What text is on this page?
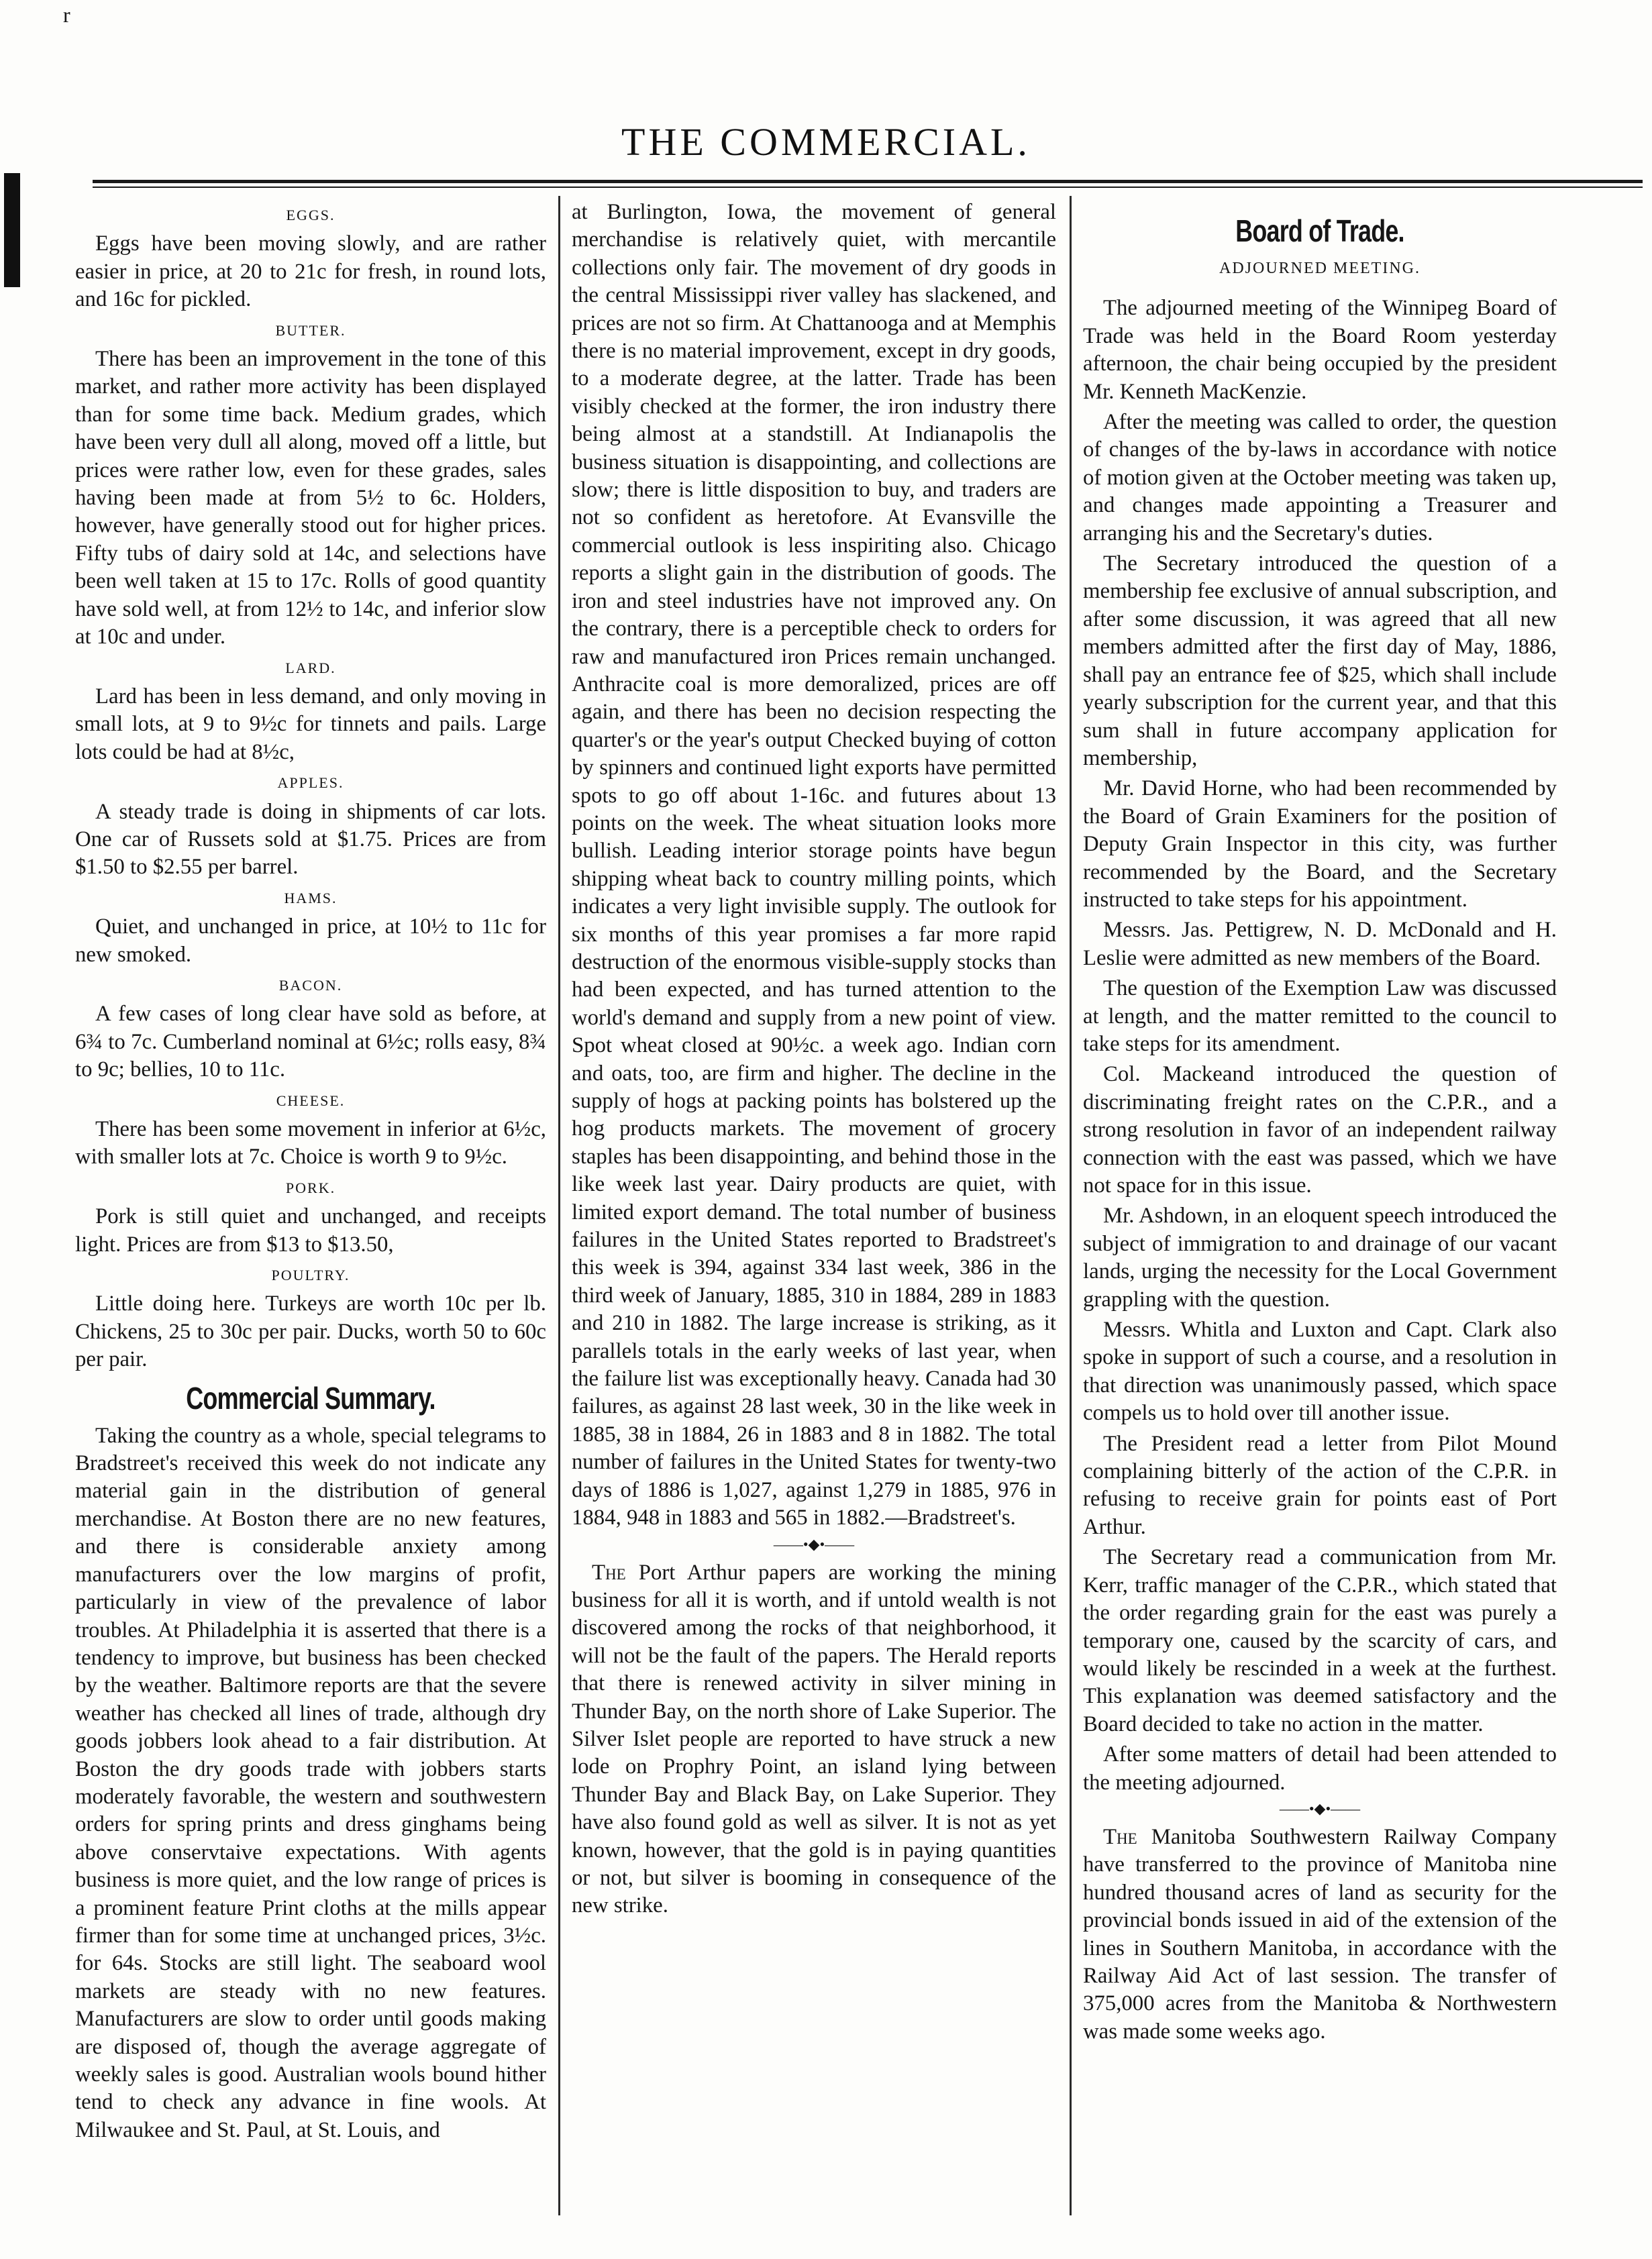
r
THE COMMERCIAL.
EGGS.

Eggs have been moving slowly, and are rather easier in price, at 20 to 21c for fresh, in round lots, and 16c for pickled.

BUTTER.

There has been an improvement in the tone of this market, and rather more activity has been displayed than for some time back. Medium grades, which have been very dull all along, moved off a little, but prices were rather low, even for these grades, sales having been made at from 5½ to 6c. Holders, however, have generally stood out for higher prices. Fifty tubs of dairy sold at 14c, and selections have been well taken at 15 to 17c. Rolls of good quantity have sold well, at from 12½ to 14c, and inferior slow at 10c and under.

LARD.

Lard has been in less demand, and only moving in small lots, at 9 to 9½c for tinnets and pails. Large lots could be had at 8½c,

APPLES.

A steady trade is doing in shipments of car lots. One car of Russets sold at $1.75. Prices are from $1.50 to $2.55 per barrel.

HAMS.

Quiet, and unchanged in price, at 10½ to 11c for new smoked.

BACON.

A few cases of long clear have sold as before, at 6¾ to 7c. Cumberland nominal at 6½c; rolls easy, 8¾ to 9c; bellies, 10 to 11c.

CHEESE.

There has been some movement in inferior at 6½c, with smaller lots at 7c. Choice is worth 9 to 9½c.

PORK.

Pork is still quiet and unchanged, and receipts light. Prices are from $13 to $13.50,

POULTRY.

Little doing here. Turkeys are worth 10c per lb. Chickens, 25 to 30c per pair. Ducks, worth 50 to 60c per pair.

Commercial Summary.

Taking the country as a whole, special telegrams to Bradstreet's received this week do not indicate any material gain in the distribution of general merchandise. At Boston there are no new features, and there is considerable anxiety among manufacturers over the low margins of profit, particularly in view of the prevalence of labor troubles. At Philadelphia it is asserted that there is a tendency to improve, but business has been checked by the weather. Baltimore reports are that the severe weather has checked all lines of trade, although dry goods jobbers look ahead to a fair distribution. At Boston the dry goods trade with jobbers starts moderately favorable, the western and southwestern orders for spring prints and dress ginghams being above conservtaive expectations. With agents business is more quiet, and the low range of prices is a prominent feature Print cloths at the mills appear firmer than for some time at unchanged prices, 3½c. for 64s. Stocks are still light. The seaboard wool markets are steady with no new features. Manufacturers are slow to order until goods making are disposed of, though the average aggregate of weekly sales is good. Australian wools bound hither tend to check any advance in fine wools. At Milwaukee and St. Paul, at St. Louis, and

at Burlington, Iowa, the movement of general merchandise is relatively quiet, with mercantile collections only fair. The movement of dry goods in the central Mississippi river valley has slackened, and prices are not so firm. At Chattanooga and at Memphis there is no material improvement, except in dry goods, to a moderate degree, at the latter. Trade has been visibly checked at the former, the iron industry there being almost at a standstill. At Indianapolis the business situation is disappointing, and collections are slow; there is little disposition to buy, and traders are not so confident as heretofore. At Evansville the commercial outlook is less inspiriting also. Chicago reports a slight gain in the distribution of goods. The iron and steel industries have not improved any. On the contrary, there is a perceptible check to orders for raw and manufactured iron Prices remain unchanged. Anthracite coal is more demoralized, prices are off again, and there has been no decision respecting the quarter's or the year's output Checked buying of cotton by spinners and continued light exports have permitted spots to go off about 1-16c. and futures about 13 points on the week. The wheat situation looks more bullish. Leading interior storage points have begun shipping wheat back to country milling points, which indicates a very light invisible supply. The outlook for six months of this year promises a far more rapid destruction of the enormous visible-supply stocks than had been expected, and has turned attention to the world's demand and supply from a new point of view. Spot wheat closed at 90½c. a week ago. Indian corn and oats, too, are firm and higher. The decline in the supply of hogs at packing points has bolstered up the hog products markets. The movement of grocery staples has been disappointing, and behind those in the like week last year. Dairy products are quiet, with limited export demand. The total number of business failures in the United States reported to Bradstreet's this week is 394, against 334 last week, 386 in the third week of January, 1885, 310 in 1884, 289 in 1883 and 210 in 1882. The large increase is striking, as it parallels totals in the early weeks of last year, when the failure list was exceptionally heavy. Canada had 30 failures, as against 28 last week, 30 in the like week in 1885, 38 in 1884, 26 in 1883 and 8 in 1882. The total number of failures in the United States for twenty-two days of 1886 is 1,027, against 1,279 in 1885, 976 in 1884, 948 in 1883 and 565 in 1882.—Bradstreet's.

——•◆•——

The Port Arthur papers are working the mining business for all it is worth, and if untold wealth is not discovered among the rocks of that neighborhood, it will not be the fault of the papers. The Herald reports that there is renewed activity in silver mining in Thunder Bay, on the north shore of Lake Superior. The Silver Islet people are reported to have struck a new lode on Prophry Point, an island lying between Thunder Bay and Black Bay, on Lake Superior. They have also found gold as well as silver. It is not as yet known, however, that the gold is in paying quantities or not, but silver is booming in consequence of the new strike.

Board of Trade.
ADJOURNED MEETING.

The adjourned meeting of the Winnipeg Board of Trade was held in the Board Room yesterday afternoon, the chair being occupied by the president Mr. Kenneth MacKenzie.

After the meeting was called to order, the question of changes of the by-laws in accordance with notice of motion given at the October meeting was taken up, and changes made appointing a Treasurer and arranging his and the Secretary's duties.

The Secretary introduced the question of a membership fee exclusive of annual subscription, and after some discussion, it was agreed that all new members admitted after the first day of May, 1886, shall pay an entrance fee of $25, which shall include yearly subscription for the current year, and that this sum shall in future accompany application for membership,

Mr. David Horne, who had been recommended by the Board of Grain Examiners for the position of Deputy Grain Inspector in this city, was further recommended by the Board, and the Secretary instructed to take steps for his appointment.

Messrs. Jas. Pettigrew, N. D. McDonald and H. Leslie were admitted as new members of the Board.

The question of the Exemption Law was discussed at length, and the matter remitted to the council to take steps for its amendment.

Col. Mackeand introduced the question of discriminating freight rates on the C.P.R., and a strong resolution in favor of an independent railway connection with the east was passed, which we have not space for in this issue.

Mr. Ashdown, in an eloquent speech introduced the subject of immigration to and drainage of our vacant lands, urging the necessity for the Local Government grappling with the question.

Messrs. Whitla and Luxton and Capt. Clark also spoke in support of such a course, and a resolution in that direction was unanimously passed, which space compels us to hold over till another issue.

The President read a letter from Pilot Mound complaining bitterly of the action of the C.P.R. in refusing to receive grain for points east of Port Arthur.

The Secretary read a communication from Mr. Kerr, traffic manager of the C.P.R., which stated that the order regarding grain for the east was purely a temporary one, caused by the scarcity of cars, and would likely be rescinded in a week at the furthest. This explanation was deemed satisfactory and the Board decided to take no action in the matter.

After some matters of detail had been attended to the meeting adjourned.

——•◆•——

The Manitoba Southwestern Railway Company have transferred to the province of Manitoba nine hundred thousand acres of land as security for the provincial bonds issued in aid of the extension of the lines in Southern Manitoba, in accordance with the Railway Aid Act of last session. The transfer of 375,000 acres from the Manitoba & Northwestern was made some weeks ago.
